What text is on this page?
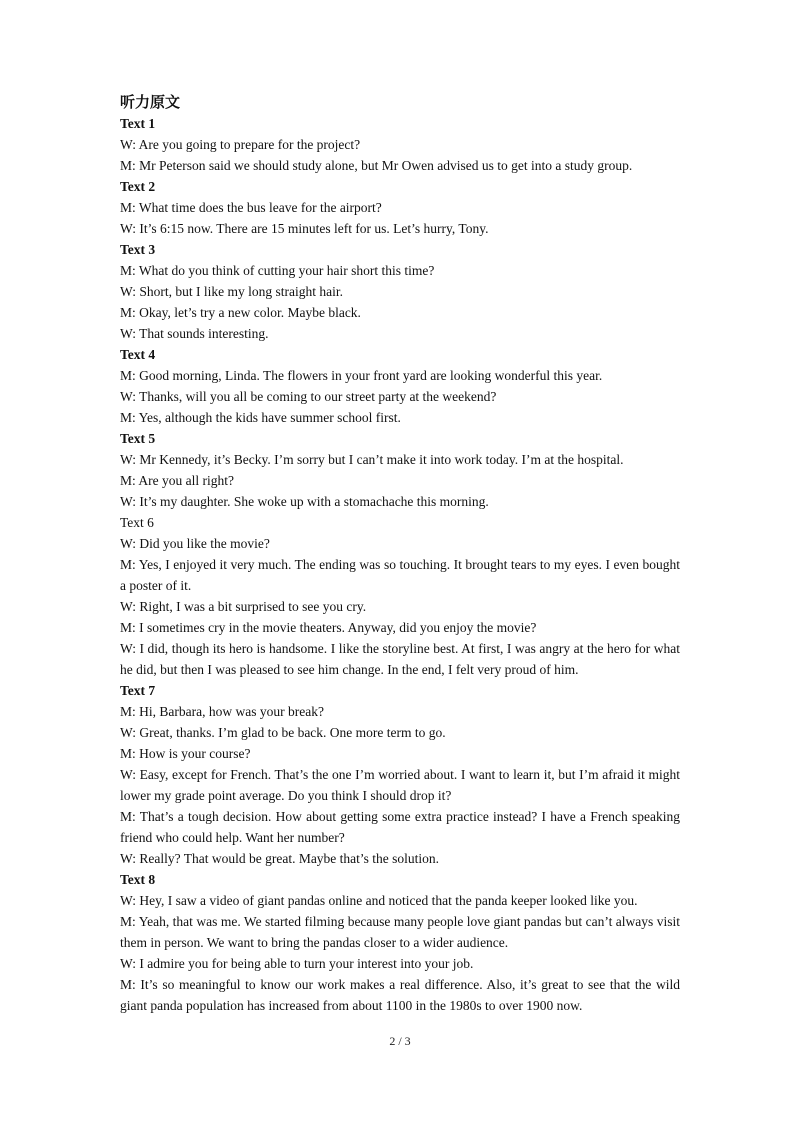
听力原文

Text 1

W: Are you going to prepare for the project?

M: Mr Peterson said we should study alone, but Mr Owen advised us to get into a study group.

Text 2

M: What time does the bus leave for the airport?

W: It’s 6:15 now. There are 15 minutes left for us. Let’s hurry, Tony.

Text 3

M: What do you think of cutting your hair short this time?

W: Short, but I like my long straight hair.

M: Okay, let’s try a new color. Maybe black.

W: That sounds interesting.

Text 4

M: Good morning, Linda. The flowers in your front yard are looking wonderful this year.

W: Thanks, will you all be coming to our street party at the weekend?

M: Yes, although the kids have summer school first.

Text 5

W: Mr Kennedy, it’s Becky. I’m sorry but I can’t make it into work today. I’m at the hospital.

M: Are you all right?

W: It’s my daughter. She woke up with a stomachache this morning.

Text 6

W: Did you like the movie?

M: Yes, I enjoyed it very much. The ending was so touching. It brought tears to my eyes. I even bought a poster of it.

W: Right, I was a bit surprised to see you cry.

M: I sometimes cry in the movie theaters. Anyway, did you enjoy the movie?

W: I did, though its hero is handsome. I like the storyline best. At first, I was angry at the hero for what he did, but then I was pleased to see him change. In the end, I felt very proud of him.

Text 7

M: Hi, Barbara, how was your break?

W: Great, thanks. I’m glad to be back. One more term to go.

M: How is your course?

W: Easy, except for French. That’s the one I’m worried about. I want to learn it, but I’m afraid it might lower my grade point average. Do you think I should drop it?

M: That’s a tough decision. How about getting some extra practice instead? I have a French speaking friend who could help. Want her number?

W: Really? That would be great. Maybe that’s the solution.

Text 8

W: Hey, I saw a video of giant pandas online and noticed that the panda keeper looked like you.

M: Yeah, that was me. We started filming because many people love giant pandas but can’t always visit them in person. We want to bring the pandas closer to a wider audience.

W: I admire you for being able to turn your interest into your job.

M: It’s so meaningful to know our work makes a real difference. Also, it’s great to see that the wild giant panda population has increased from about 1100 in the 1980s to over 1900 now.

2 / 3
